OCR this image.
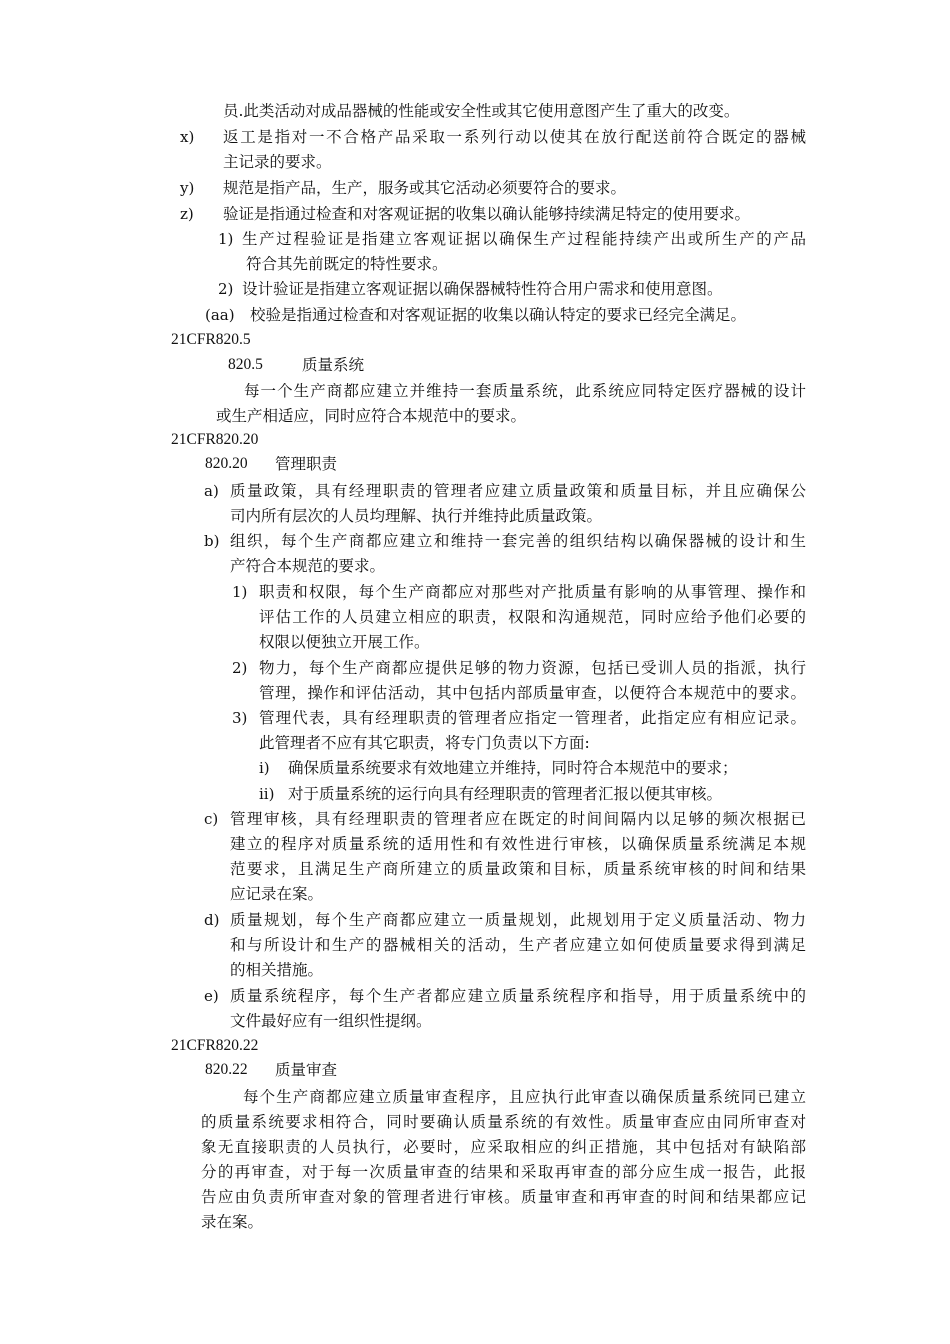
员.此类活动对成品器械的性能或安全性或其它使用意图产生了重大的改变。
x) 返工是指对一不合格产品采取一系列行动以使其在放行配送前符合既定的器械
主记录的要求。
y) 规范是指产品，生产，服务或其它活动必须要符合的要求。
z) 验证是指通过检查和对客观证据的收集以确认能够持续满足特定的使用要求。
1) 生产过程验证是指建立客观证据以确保生产过程能持续产出或所生产的产品
符合其先前既定的特性要求。
2) 设计验证是指建立客观证据以确保器械特性符合用户需求和使用意图。
(aa) 校验是指通过检查和对客观证据的收集以确认特定的要求已经完全满足。
21CFR820.5
820.5	质量系统
每一个生产商都应建立并维持一套质量系统，此系统应同特定医疗器械的设计
或生产相适应，同时应符合本规范中的要求。
21CFR820.20
820.20 管理职责
a) 质量政策，具有经理职责的管理者应建立质量政策和质量目标，并且应确保公
司内所有层次的人员均理解、执行并维持此质量政策。
b) 组织，每个生产商都应建立和维持一套完善的组织结构以确保器械的设计和生
产符合本规范的要求。
1) 职责和权限，每个生产商都应对那些对产批质量有影响的从事管理、操作和
评估工作的人员建立相应的职责，权限和沟通规范，同时应给予他们必要的
权限以便独立开展工作。
2) 物力，每个生产商都应提供足够的物力资源，包括已受训人员的指派，执行
管理，操作和评估活动，其中包括内部质量审查，以便符合本规范中的要求。
3) 管理代表，具有经理职责的管理者应指定一管理者，此指定应有相应记录。
此管理者不应有其它职责，将专门负责以下方面:
i) 确保质量系统要求有效地建立并维持，同时符合本规范中的要求；
ii) 对于质量系统的运行向具有经理职责的管理者汇报以便其审核。
c) 管理审核，具有经理职责的管理者应在既定的时间间隔内以足够的频次根据已
建立的程序对质量系统的适用性和有效性进行审核，以确保质量系统满足本规
范要求，且满足生产商所建立的质量政策和目标，质量系统审核的时间和结果
应记录在案。
d) 质量规划，每个生产商都应建立一质量规划，此规划用于定义质量活动、物力
和与所设计和生产的器械相关的活动，生产者应建立如何使质量要求得到满足
的相关措施。
e) 质量系统程序，每个生产者都应建立质量系统程序和指导，用于质量系统中的
文件最好应有一组织性提纲。
21CFR820.22
820.22 质量审查
每个生产商都应建立质量审查程序，且应执行此审查以确保质量系统同已建立
的质量系统要求相符合，同时要确认质量系统的有效性。质量审查应由同所审查对
象无直接职责的人员执行，必要时，应采取相应的纠正措施，其中包括对有缺陷部
分的再审查，对于每一次质量审查的结果和采取再审查的部分应生成一报告，此报
告应由负责所审查对象的管理者进行审核。质量审查和再审查的时间和结果都应记
录在案。
